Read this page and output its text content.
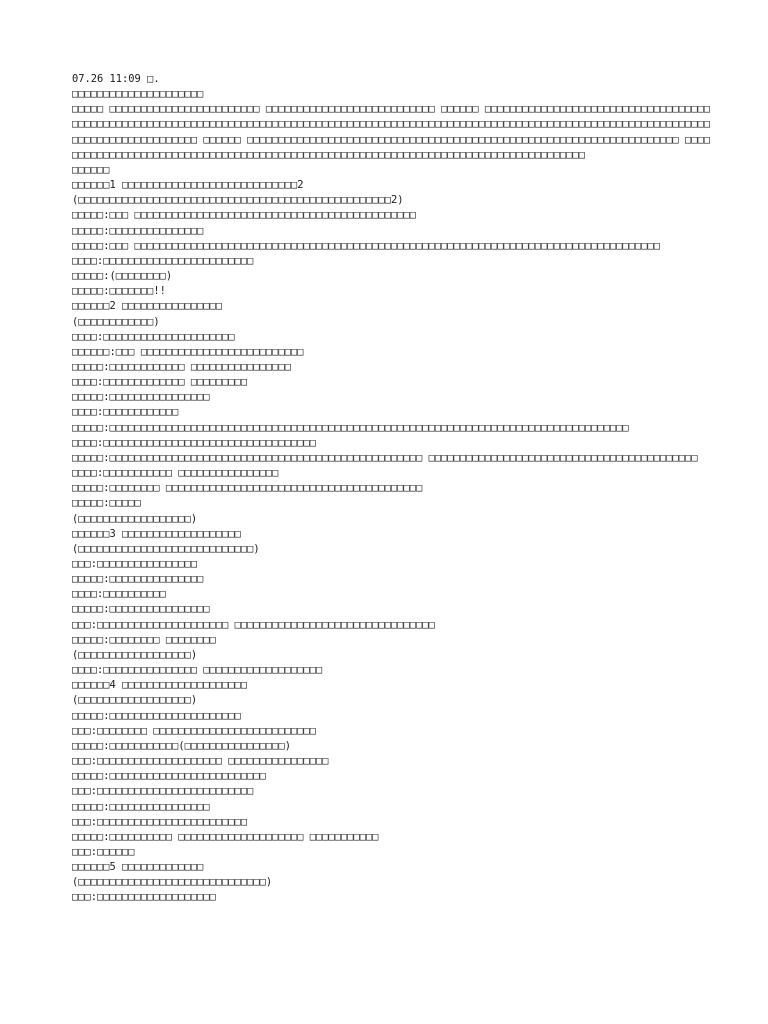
07.26 11:09 □.

□□□□□□□□□□□□□□□□□□□□□

□□□□□ □□□□□□□□□□□□□□□□□□□□□□□□ □□□□□□□□□□□□□□□□□□□□□□□□□□□ □□□□□□ □□□□□□□□□□□□□□□□□□□□□□□□□□□□□□□□□□□□□□□□□□□□□□□□□□□□□□□□□□□□□□□□□□□□□□□□□□□□□□□□□□□□□□□□□□□□□□□□□□□□□□□□□□□□□□□□□□□□□□□□□□□□□□□□□□□□□□□□□□□□□□□□□□□□□□□□□□□□□□ □□□□□□ □□□□□□□□□□□□□□□□□□□□□□□□□□□□□□□□□□□□□□□□□□□□□□□□□□□□□□□□□□□□□□□□□□□□□ □□□□□□□□□□□□□□□□□□□□□□□□□□□□□□□□□□□□□□□□□□□□□□□□□□□□□□□□□□□□□□□□□□□□□□□□□□□□□□□□□□□□□□

□□□□□□

□□□□□□1 □□□□□□□□□□□□□□□□□□□□□□□□□□□□2

(□□□□□□□□□□□□□□□□□□□□□□□□□□□□□□□□□□□□□□□□□□□□□□□□□□2)

□□□□□:□□□ □□□□□□□□□□□□□□□□□□□□□□□□□□□□□□□□□□□□□□□□□□□□□

□□□□□:□□□□□□□□□□□□□□□

□□□□□:□□□ □□□□□□□□□□□□□□□□□□□□□□□□□□□□□□□□□□□□□□□□□□□□□□□□□□□□□□□□□□□□□□□□□□□□□□□□□□□□□□□□□□□□

□□□□:□□□□□□□□□□□□□□□□□□□□□□□□

□□□□□:(□□□□□□□□)

□□□□□:□□□□□□□!!

□□□□□□2 □□□□□□□□□□□□□□□□

(□□□□□□□□□□□□)

□□□□:□□□□□□□□□□□□□□□□□□□□□

□□□□□□:□□□ □□□□□□□□□□□□□□□□□□□□□□□□□□

□□□□□:□□□□□□□□□□□□ □□□□□□□□□□□□□□□□

□□□□:□□□□□□□□□□□□□ □□□□□□□□□

□□□□□:□□□□□□□□□□□□□□□□

□□□□:□□□□□□□□□□□□

□□□□□:□□□□□□□□□□□□□□□□□□□□□□□□□□□□□□□□□□□□□□□□□□□□□□□□□□□□□□□□□□□□□□□□□□□□□□□□□□□□□□□□□□□

□□□□:□□□□□□□□□□□□□□□□□□□□□□□□□□□□□□□□□□

□□□□□:□□□□□□□□□□□□□□□□□□□□□□□□□□□□□□□□□□□□□□□□□□□□□□□□□□ □□□□□□□□□□□□□□□□□□□□□□□□□□□□□□□□□□□□□□□□□□□

□□□□:□□□□□□□□□□□ □□□□□□□□□□□□□□□□

□□□□□:□□□□□□□□ □□□□□□□□□□□□□□□□□□□□□□□□□□□□□□□□□□□□□□□□□

□□□□□:□□□□□

(□□□□□□□□□□□□□□□□□□)

□□□□□□3 □□□□□□□□□□□□□□□□□□□

(□□□□□□□□□□□□□□□□□□□□□□□□□□□□)

□□□:□□□□□□□□□□□□□□□□

□□□□□:□□□□□□□□□□□□□□□

□□□□:□□□□□□□□□□

□□□□□:□□□□□□□□□□□□□□□□

□□□:□□□□□□□□□□□□□□□□□□□□□ □□□□□□□□□□□□□□□□□□□□□□□□□□□□□□□□

□□□□□:□□□□□□□□ □□□□□□□□

(□□□□□□□□□□□□□□□□□□)

□□□□:□□□□□□□□□□□□□□□ □□□□□□□□□□□□□□□□□□□

□□□□□□4 □□□□□□□□□□□□□□□□□□□□

(□□□□□□□□□□□□□□□□□□)

□□□□□:□□□□□□□□□□□□□□□□□□□□□

□□□:□□□□□□□□ □□□□□□□□□□□□□□□□□□□□□□□□□□

□□□□□:□□□□□□□□□□□(□□□□□□□□□□□□□□□□)

□□□:□□□□□□□□□□□□□□□□□□□□ □□□□□□□□□□□□□□□□

□□□□□:□□□□□□□□□□□□□□□□□□□□□□□□□

□□□:□□□□□□□□□□□□□□□□□□□□□□□□□

□□□□□:□□□□□□□□□□□□□□□□

□□□:□□□□□□□□□□□□□□□□□□□□□□□□

□□□□□:□□□□□□□□□□ □□□□□□□□□□□□□□□□□□□□ □□□□□□□□□□□

□□□:□□□□□□

□□□□□□5 □□□□□□□□□□□□□

(□□□□□□□□□□□□□□□□□□□□□□□□□□□□□□)

□□□:□□□□□□□□□□□□□□□□□□□
